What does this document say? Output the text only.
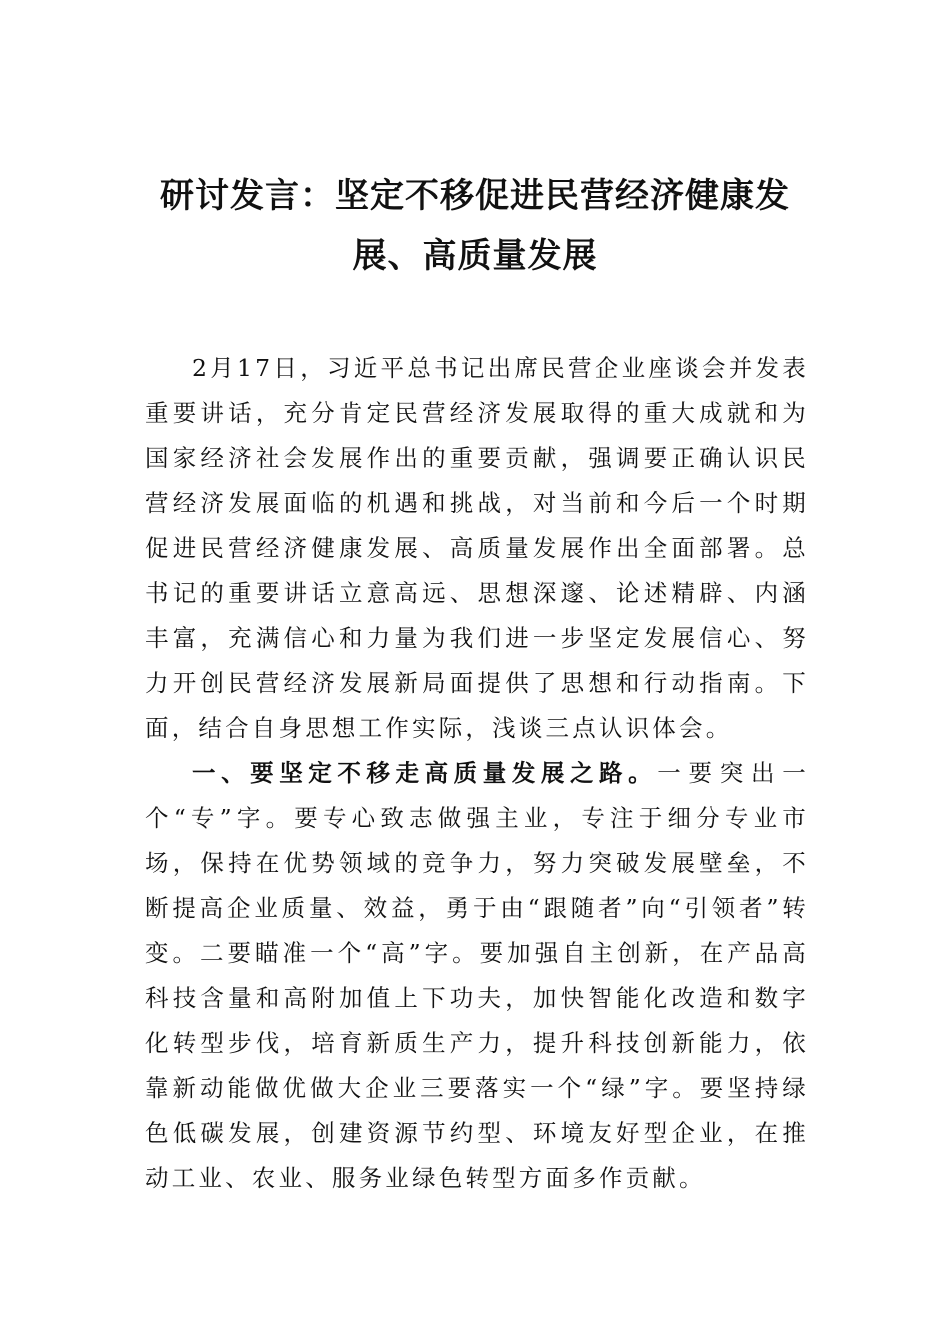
研讨发言：坚定不移促进民营经济健康发
展、高质量发展

2月17日，习近平总书记出席民营企业座谈会并发表重要讲话，充分肯定民营经济发展取得的重大成就和为国家经济社会发展作出的重要贡献，强调要正确认识民营经济发展面临的机遇和挑战，对当前和今后一个时期促进民营经济健康发展、高质量发展作出全面部署。总书记的重要讲话立意高远、思想深邃、论述精辟、内涵丰富，充满信心和力量为我们进一步坚定发展信心、努力开创民营经济发展新局面提供了思想和行动指南。下面，结合自身思想工作实际，浅谈三点认识体会。

一、要坚定不移走高质量发展之路。一要突出一个“专”字。要专心致志做强主业，专注于细分专业市场，保持在优势领域的竞争力，努力突破发展壁垒，不断提高企业质量、效益，勇于由“跟随者”向“引领者”转变。二要瞄准一个“高”字。要加强自主创新，在产品高科技含量和高附加值上下功夫，加快智能化改造和数字化转型步伐，培育新质生产力，提升科技创新能力，依靠新动能做优做大企业三要落实一个“绿”字。要坚持绿色低碳发展，创建资源节约型、环境友好型企业，在推动工业、农业、服务业绿色转型方面多作贡献。
